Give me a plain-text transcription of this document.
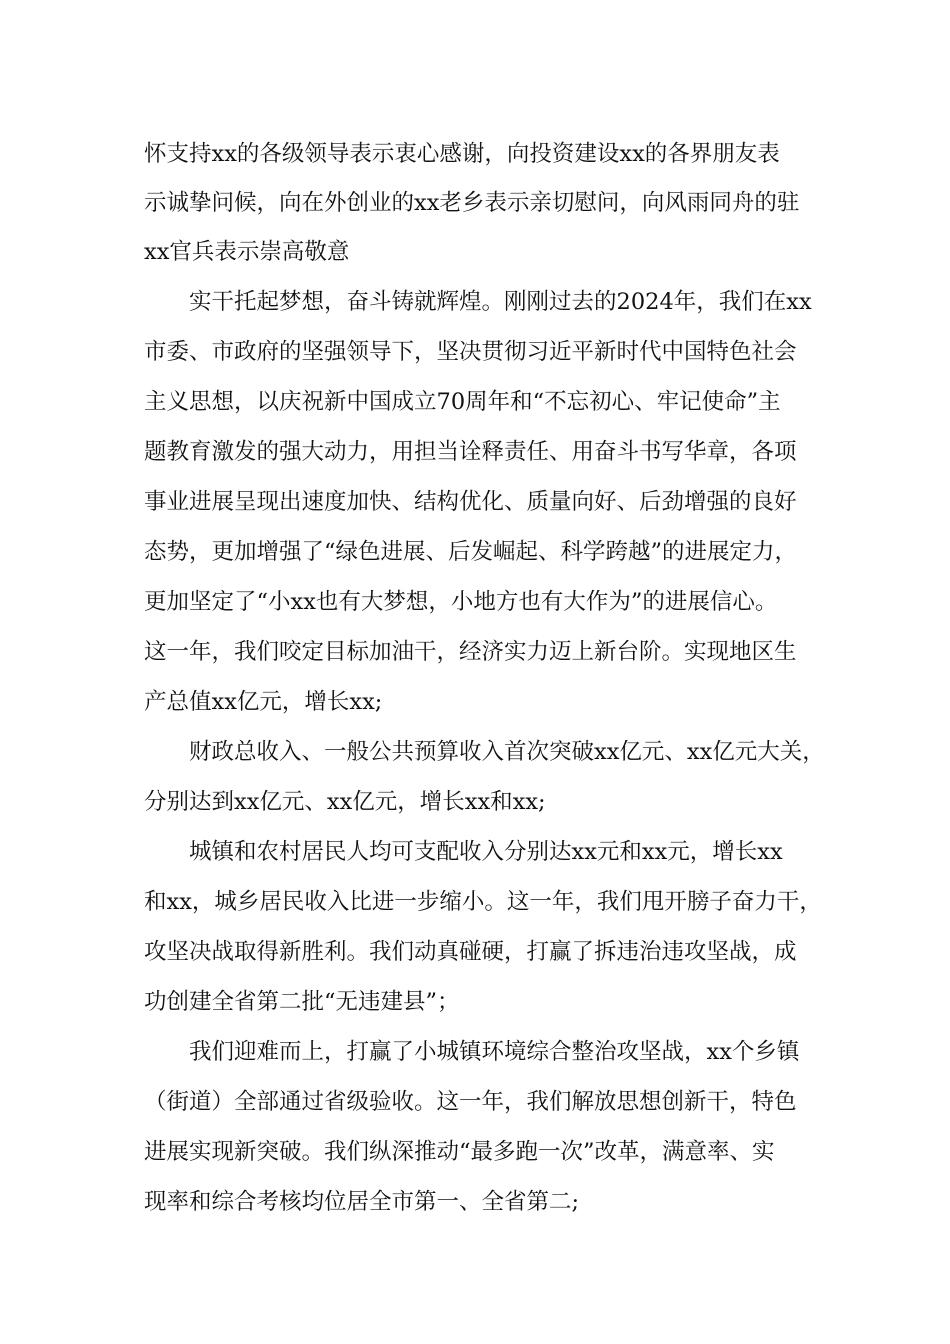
怀支持xx的各级领导表示衷心感谢，向投资建设xx的各界朋友表
示诚挚问候，向在外创业的xx老乡表示亲切慰问，向风雨同舟的驻
xx官兵表示崇高敬意
实干托起梦想，奋斗铸就辉煌。刚刚过去的2024年，我们在xx
市委、市政府的坚强领导下，坚决贯彻习近平新时代中国特色社会
主义思想，以庆祝新中国成立70周年和“不忘初心、牢记使命”主
题教育激发的强大动力，用担当诠释责任、用奋斗书写华章，各项
事业进展呈现出速度加快、结构优化、质量向好、后劲增强的良好
态势，更加增强了“绿色进展、后发崛起、科学跨越”的进展定力，
更加坚定了“小xx也有大梦想，小地方也有大作为”的进展信心。
这一年，我们咬定目标加油干，经济实力迈上新台阶。实现地区生
产总值xx亿元，增长xx;
财政总收入、一般公共预算收入首次突破xx亿元、xx亿元大关，
分别达到xx亿元、xx亿元，增长xx和xx;
城镇和农村居民人均可支配收入分别达xx元和xx元，增长xx
和xx，城乡居民收入比进一步缩小。这一年，我们甩开膀子奋力干，
攻坚决战取得新胜利。我们动真碰硬，打赢了拆违治违攻坚战，成
功创建全省第二批“无违建县”；
我们迎难而上，打赢了小城镇环境综合整治攻坚战，xx个乡镇
（街道）全部通过省级验收。这一年，我们解放思想创新干，特色
进展实现新突破。我们纵深推动“最多跑一次”改革，满意率、实
现率和综合考核均位居全市第一、全省第二;
